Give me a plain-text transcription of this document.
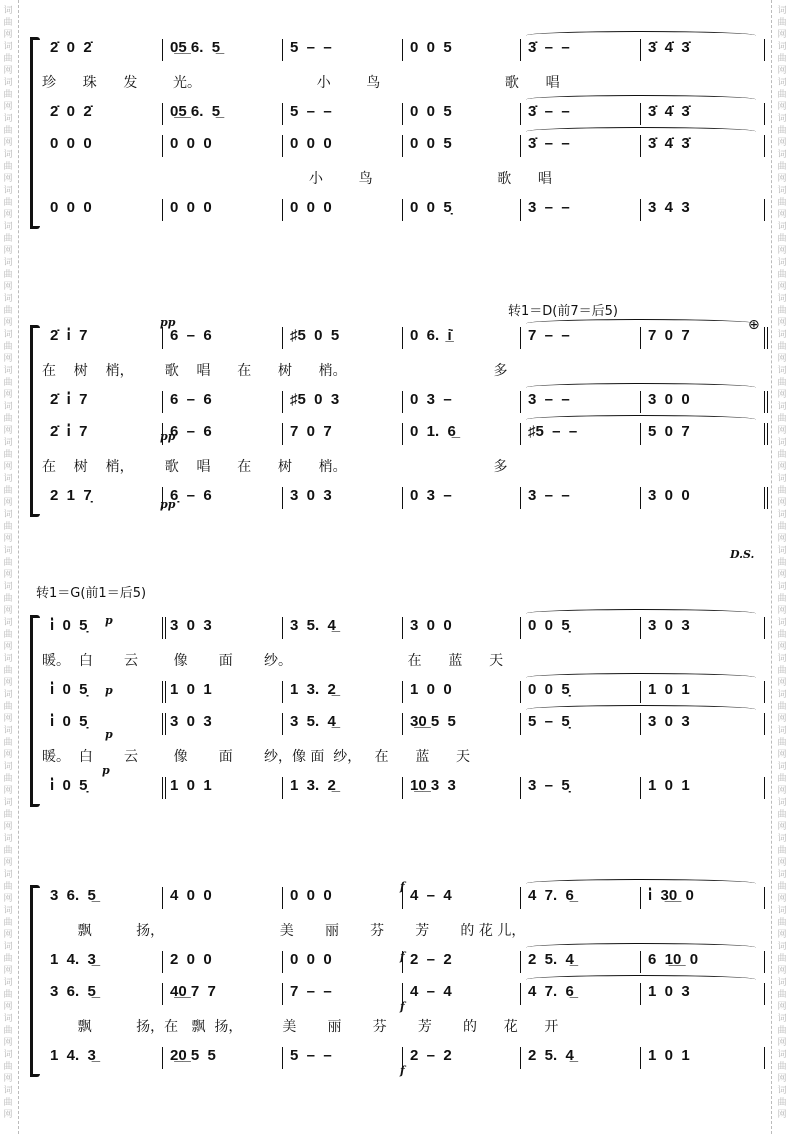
词	词
曲	曲
网	网
词	词
曲	曲
网	网
词	词
曲	曲
网	网
词	词
曲	曲
网	网
词	词
曲	曲
网	网
词	词
曲	曲
网	网
词	词
曲	曲
网	网
词	词
曲	曲
网	网
词	词
曲	曲
网	网
词	词
曲	曲
网	网
词	词
曲	曲
网	网
词	词
曲	曲
网	网
词	词
曲	曲
网	网
词	词
曲	曲
网	网
词	词
曲	曲
网	网
词	词
曲	曲
网	网
词	词
曲	曲
网	网
词	词
曲	曲
网	网
词	词
曲	曲
网	网
词	词
曲	曲
网	网
词	词
曲	曲
网	网
词	词
曲	曲
网	网
词	词
曲	曲
网	网
词	词
曲	曲
网	网
词	词
曲	曲
网	网
词	词
曲	曲
网	网
词	词
曲	曲
网	网
词	词
曲	曲
网	网
词	词
曲	曲
网	网
词	词
曲	曲
网	网
词	词
曲	曲
网	网
转1＝D(前7＝后5)
⊕
D.S.
转1＝G(前1＝后5)
pp
pp
pp
p
p
p
p
f
f
f
f
2̇  0  2̇	0̲5̲ 6.  5̲	5  –  –	0  0  5	3̇  –  –	3̇  4̇  3̇
珍      珠      发        光。                          小        鸟                            歌      唱
2̇  0  2̇	0̲5̲ 6.  5̲	5  –  –	0  0  5	3̇  –  –	3̇  4̇  3̇
0  0  0	0  0  0	0  0  0	0  0  5	3̇  –  –	3̇  4̇  3̇
小        鸟                            歌      唱
0  0  0	0  0  0	0  0  0	0  0  5̣	3  –  –	3  4  3
2̇  i̇  7	6  –  6	♯5  0  5	0  6.  i̲̇	7  –  –	7  0  7
在    树    梢，       歌    唱      在      树      梢。                                 多
2̇  i̇  7	6  –  6	♯5  0  3	0  3  –	3  –  –	3  0  0
2̇  i̇  7	6  –  6	7  0  7	0  1.  6̲	♯5  –  –	5  0  7
在    树    梢，       歌    唱      在      树      梢。                                 多
2  1  7̣	6̣  –  6	3  0  3	0  3  –	3  –  –	3  0  0
i̇  0  5̣	3  0  3	3  5.  4̲	3  0  0	0  0  5̣	3  0  3
暖。  白       云        像       面       纱。                          在      蓝      天
i̇  0  5̣	1  0  1	1  3.  2̲	1  0  0	0  0  5̣	1  0  1
i̇  0  5̣	3  0  3	3  5.  4̲	3̲0̲ 5  5	5  –  5̣	3  0  3
暖。  白       云        像       面       纱，像 面  纱，   在      蓝      天
i̇  0  5̣	1  0  1	1  3.  2̲	1̲0̲ 3  3	3  –  5̣	1  0  1
3  6.  5̲	4  0  0	0  0  0	4  –  4	4  7.  6̲	i̇  3̲0̲  0
飘          扬，                          美       丽       芬       芳       的 花 儿，
1  4.  3̲	2  0  0	0  0  0	2  –  2	2  5.  4̲	6  1̲0̲  0
3  6.  5̲	4̲0̲ 7  7	7  –  –	4  –  4	4  7.  6̲	1  0  3
飘          扬，在   飘  扬，         美       丽       芬       芳       的      花      开
1  4.  3̲	2̲0̲ 5  5	5  –  –	2  –  2	2  5.  4̲	1  0  1
